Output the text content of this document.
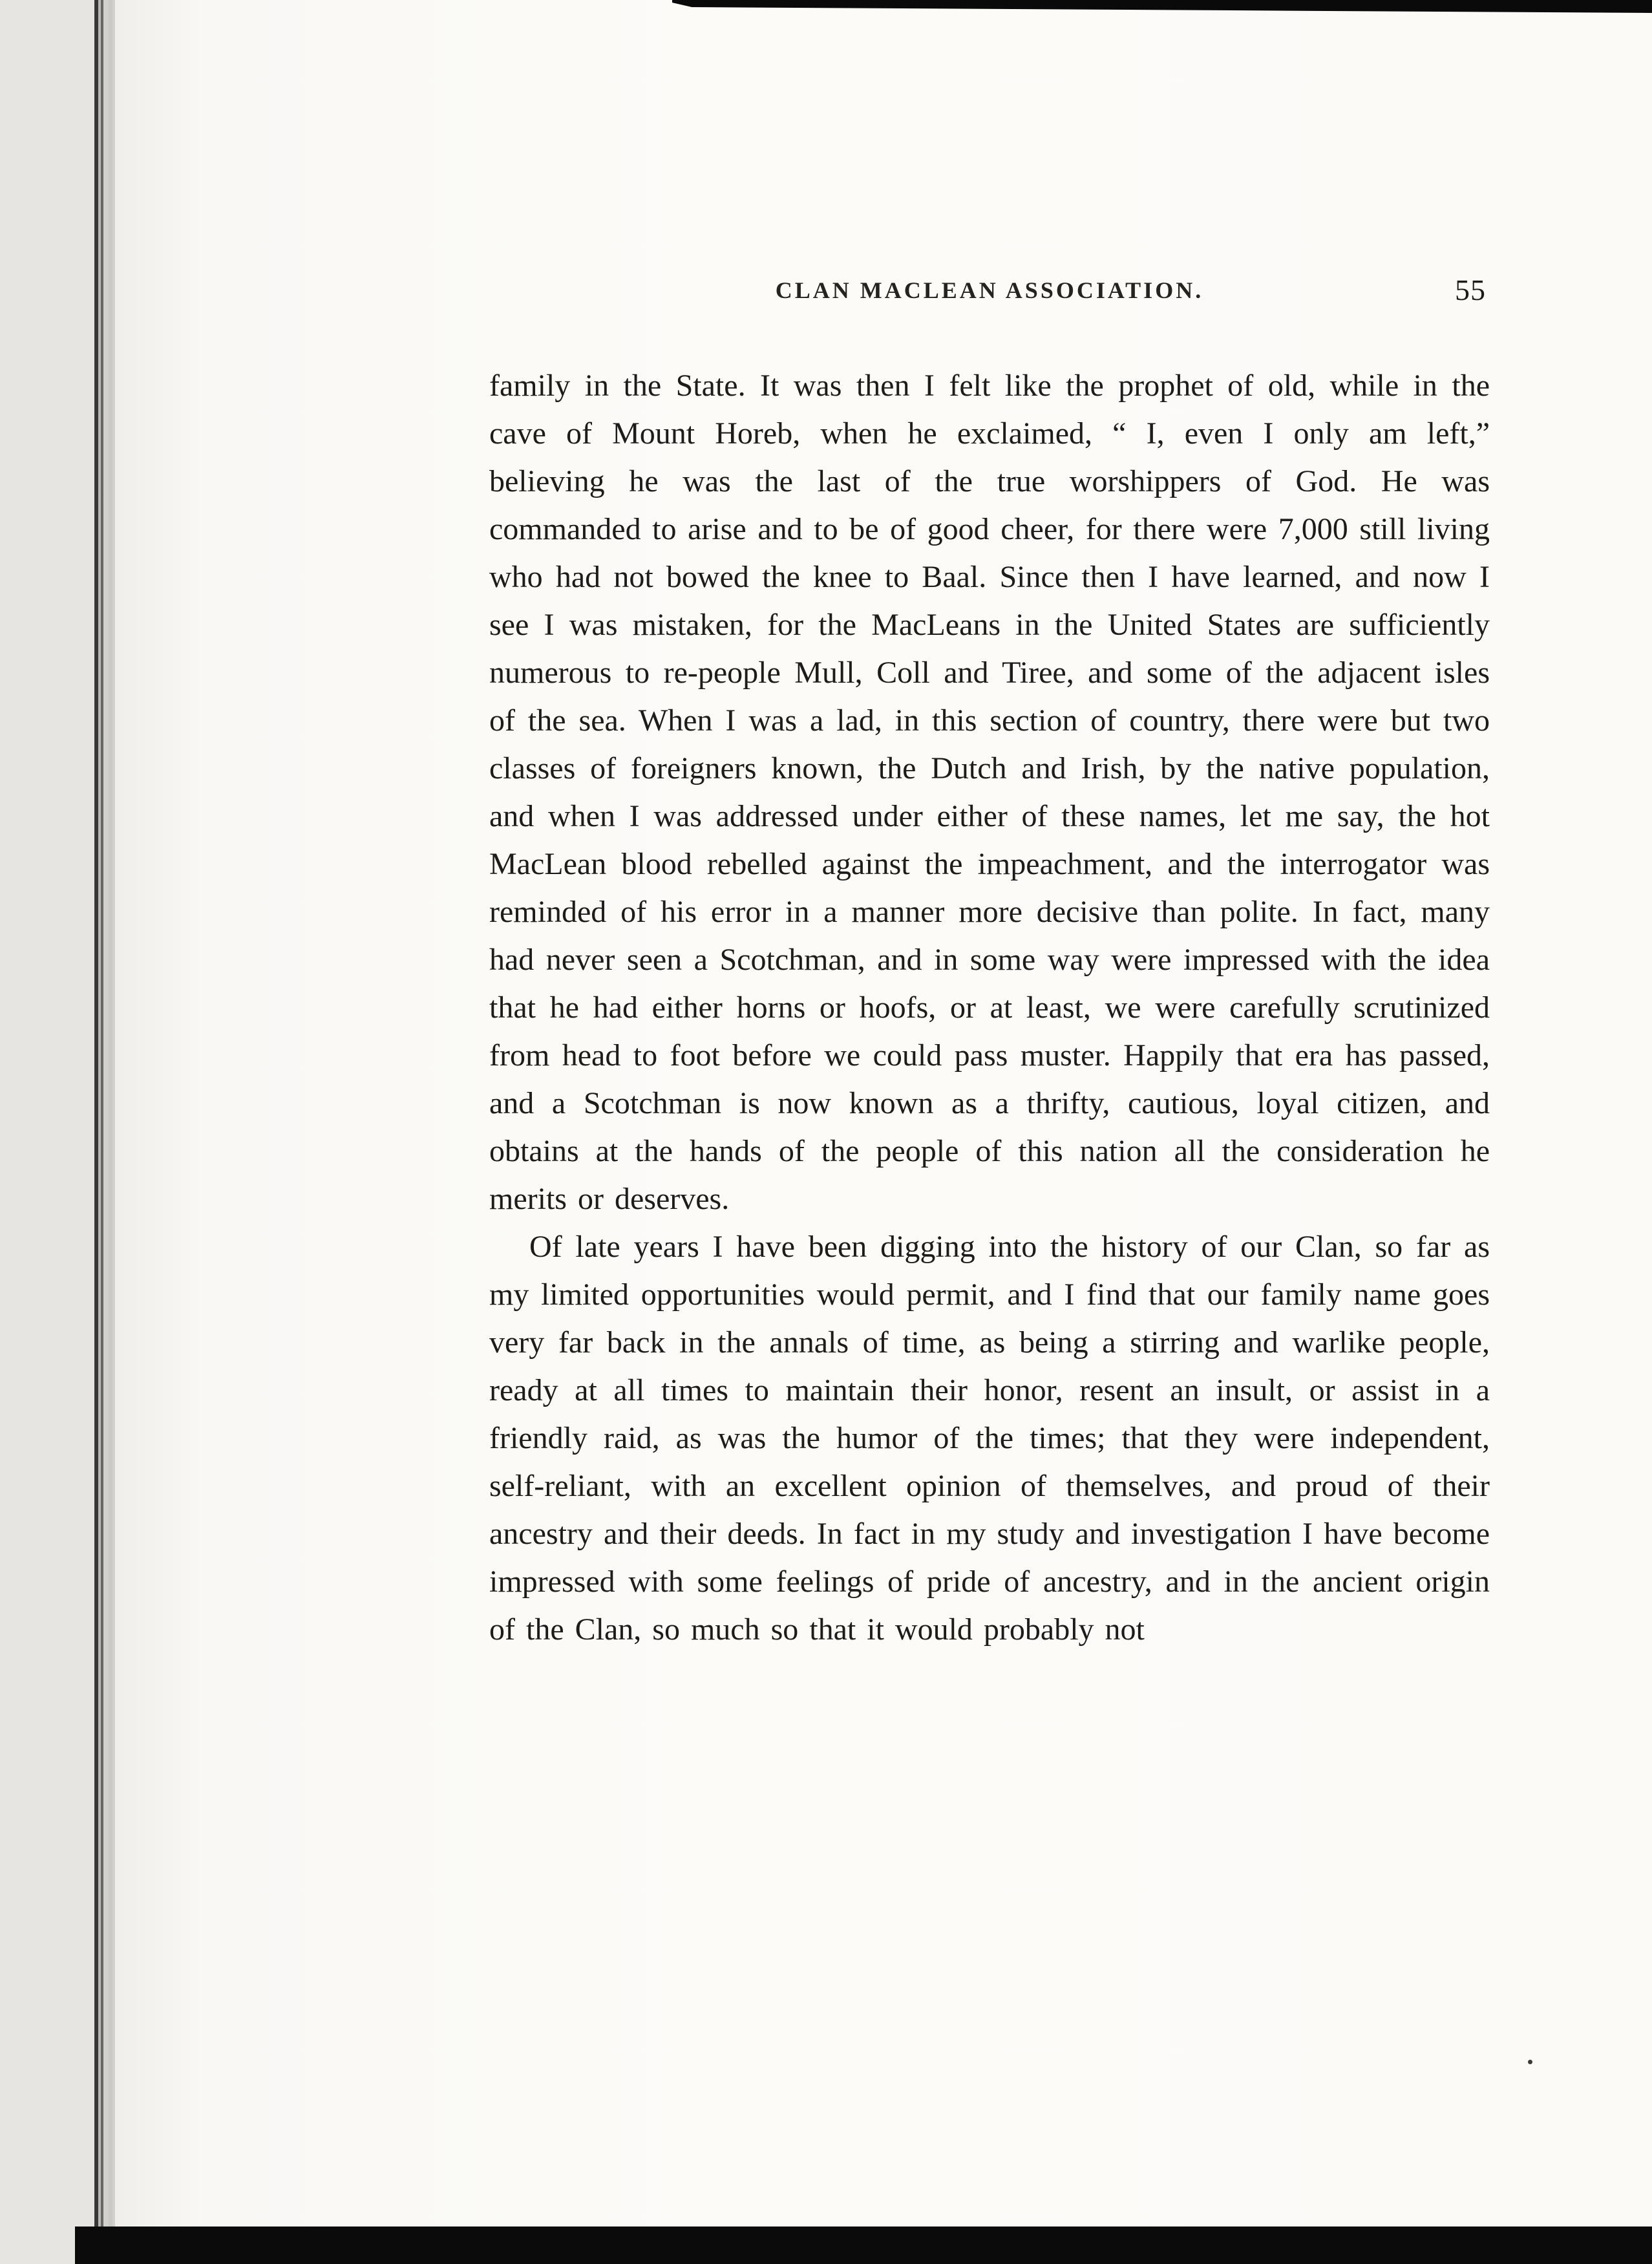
CLAN MACLEAN ASSOCIATION.	55

family in the State. It was then I felt like the prophet of old, while in the cave of Mount Horeb, when he exclaimed, “ I, even I only am left,” believing he was the last of the true worshippers of God. He was commanded to arise and to be of good cheer, for there were 7,000 still living who had not bowed the knee to Baal. Since then I have learned, and now I see I was mistaken, for the MacLeans in the United States are sufficiently numerous to re-people Mull, Coll and Tiree, and some of the adjacent isles of the sea. When I was a lad, in this section of country, there were but two classes of foreigners known, the Dutch and Irish, by the native population, and when I was addressed under either of these names, let me say, the hot MacLean blood rebelled against the impeachment, and the interrogator was reminded of his error in a manner more decisive than polite. In fact, many had never seen a Scotchman, and in some way were impressed with the idea that he had either horns or hoofs, or at least, we were carefully scrutinized from head to foot before we could pass muster. Happily that era has passed, and a Scotchman is now known as a thrifty, cautious, loyal citizen, and obtains at the hands of the people of this nation all the consideration he merits or deserves.

Of late years I have been digging into the history of our Clan, so far as my limited opportunities would permit, and I find that our family name goes very far back in the annals of time, as being a stirring and warlike people, ready at all times to maintain their honor, resent an insult, or assist in a friendly raid, as was the humor of the times; that they were independent, self-reliant, with an excellent opinion of themselves, and proud of their ancestry and their deeds. In fact in my study and investigation I have become impressed with some feelings of pride of ancestry, and in the ancient origin of the Clan, so much so that it would probably not
